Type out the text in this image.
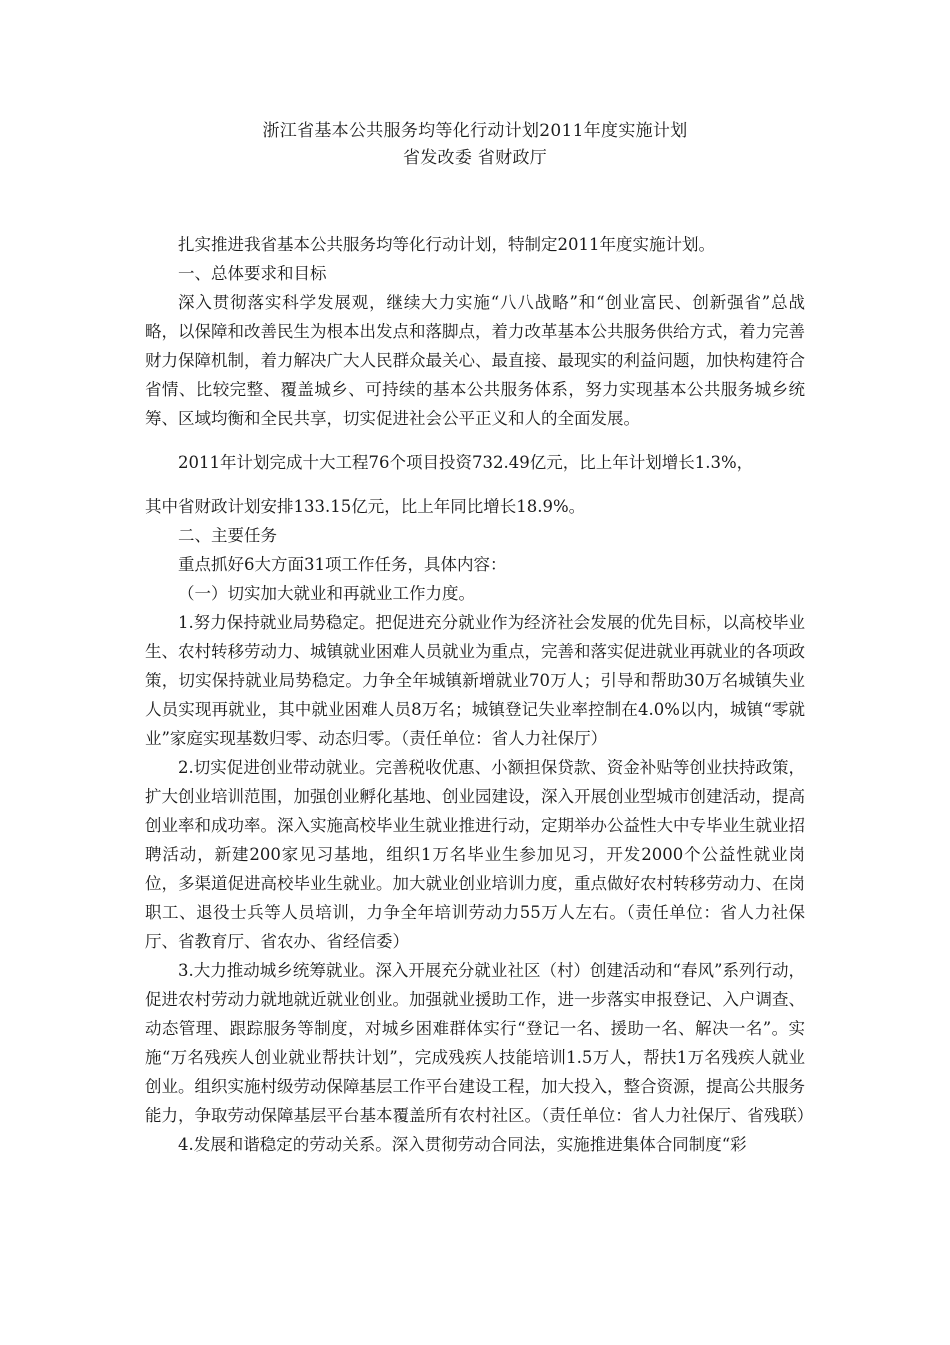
浙江省基本公共服务均等化行动计划2011年度实施计划
省发改委 省财政厅

扎实推进我省基本公共服务均等化行动计划，特制定2011年度实施计划。

一、总体要求和目标

深入贯彻落实科学发展观，继续大力实施“八八战略”和“创业富民、创新强省”总战略，以保障和改善民生为根本出发点和落脚点，着力改革基本公共服务供给方式，着力完善财力保障机制，着力解决广大人民群众最关心、最直接、最现实的利益问题，加快构建符合省情、比较完整、覆盖城乡、可持续的基本公共服务体系，努力实现基本公共服务城乡统筹、区域均衡和全民共享，切实促进社会公平正义和人的全面发展。

2011年计划完成十大工程76个项目投资732.49亿元，比上年计划增长1.3%，

其中省财政计划安排133.15亿元，比上年同比增长18.9%。

二、主要任务

重点抓好6大方面31项工作任务，具体内容：

（一）切实加大就业和再就业工作力度。

1.努力保持就业局势稳定。把促进充分就业作为经济社会发展的优先目标，以高校毕业生、农村转移劳动力、城镇就业困难人员就业为重点，完善和落实促进就业再就业的各项政策，切实保持就业局势稳定。力争全年城镇新增就业70万人；引导和帮助30万名城镇失业人员实现再就业，其中就业困难人员8万名；城镇登记失业率控制在4.0%以内，城镇“零就业”家庭实现基数归零、动态归零。（责任单位：省人力社保厅）

2.切实促进创业带动就业。完善税收优惠、小额担保贷款、资金补贴等创业扶持政策，扩大创业培训范围，加强创业孵化基地、创业园建设，深入开展创业型城市创建活动，提高创业率和成功率。深入实施高校毕业生就业推进行动，定期举办公益性大中专毕业生就业招聘活动，新建200家见习基地，组织1万名毕业生参加见习，开发2000个公益性就业岗位，多渠道促进高校毕业生就业。加大就业创业培训力度，重点做好农村转移劳动力、在岗职工、退役士兵等人员培训，力争全年培训劳动力55万人左右。（责任单位：省人力社保厅、省教育厅、省农办、省经信委）

3.大力推动城乡统筹就业。深入开展充分就业社区（村）创建活动和“春风”系列行动，促进农村劳动力就地就近就业创业。加强就业援助工作，进一步落实申报登记、入户调查、动态管理、跟踪服务等制度，对城乡困难群体实行“登记一名、援助一名、解决一名”。实施“万名残疾人创业就业帮扶计划”，完成残疾人技能培训1.5万人，帮扶1万名残疾人就业创业。组织实施村级劳动保障基层工作平台建设工程，加大投入，整合资源，提高公共服务能力，争取劳动保障基层平台基本覆盖所有农村社区。（责任单位：省人力社保厅、省残联）

4.发展和谐稳定的劳动关系。深入贯彻劳动合同法，实施推进集体合同制度“彩
